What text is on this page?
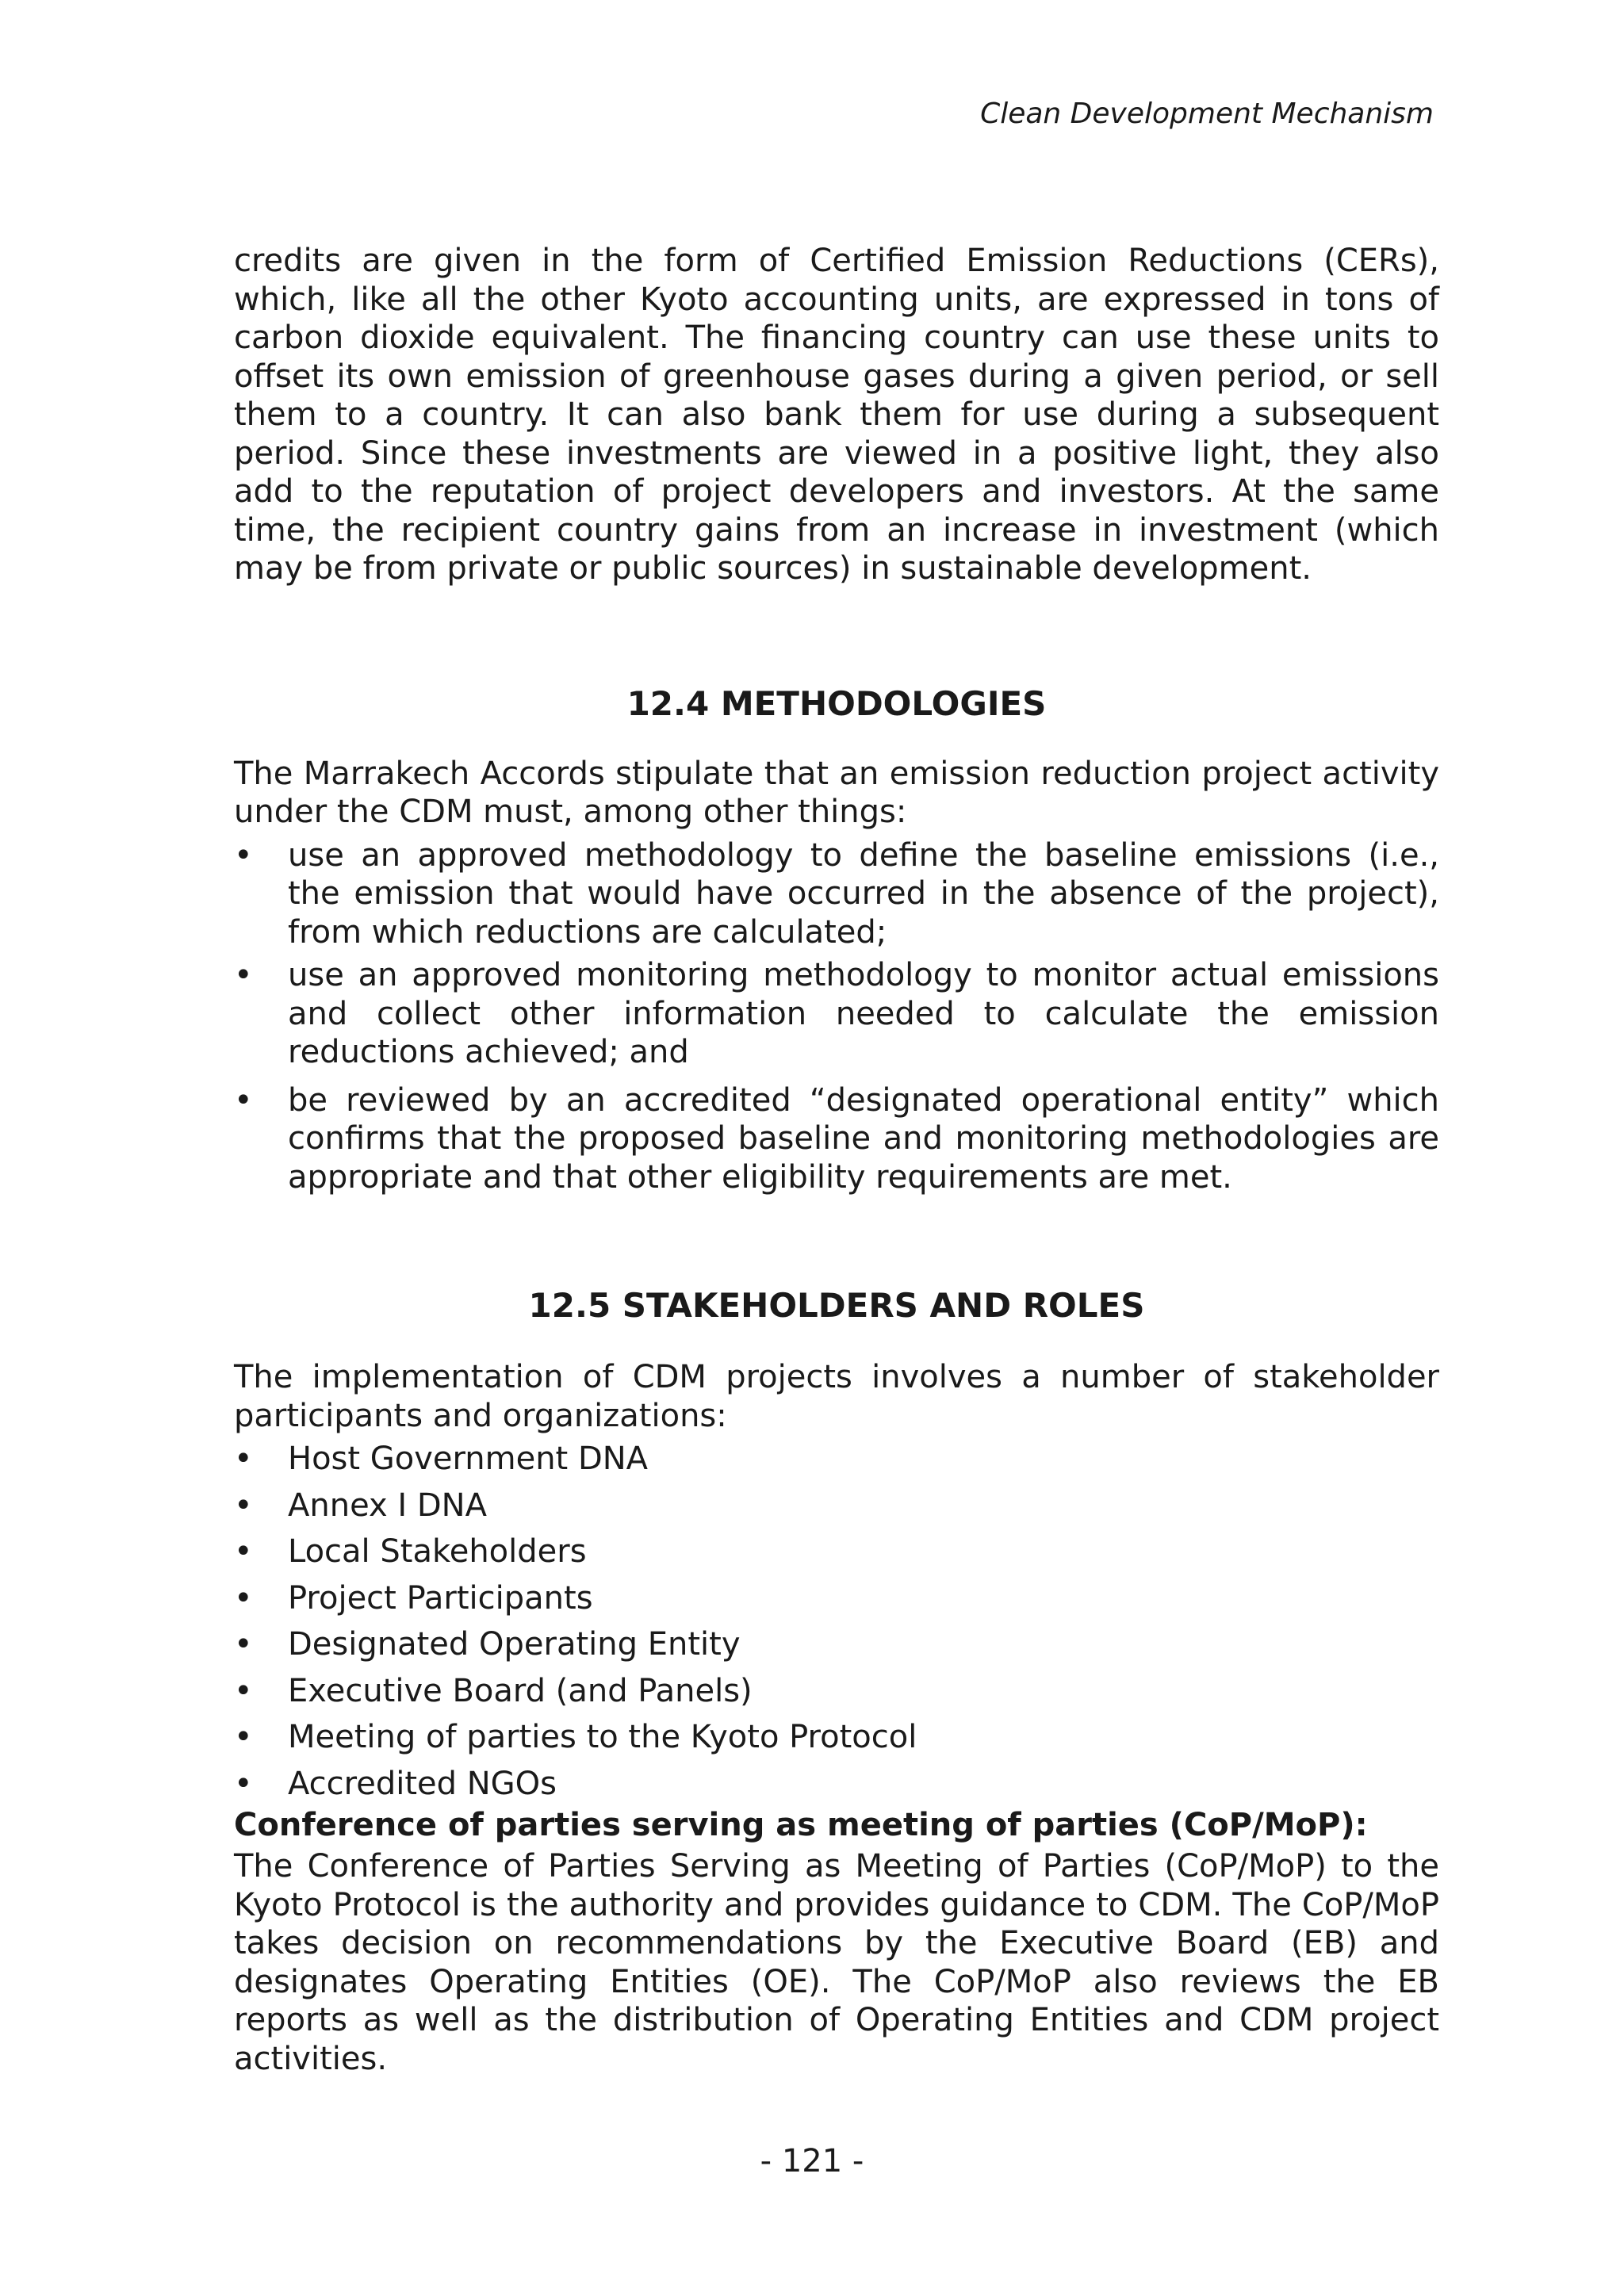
Clean Development Mechanism

credits are given in the form of Certified Emission Reductions (CERs), which, like all the other Kyoto accounting units, are expressed in tons of carbon dioxide equivalent. The financing country can use these units to offset its own emission of greenhouse gases during a given period, or sell them to a country. It can also bank them for use during a subsequent period. Since these investments are viewed in a positive light, they also add to the reputation of project developers and investors. At the same time, the recipient country gains from an increase in investment (which may be from private or public sources) in sustainable development.

12.4 METHODOLOGIES

The Marrakech Accords stipulate that an emission reduction project activity under the CDM must, among other things:

• use an approved methodology to define the baseline emissions (i.e., the emission that would have occurred in the absence of the project), from which reductions are calculated;
• use an approved monitoring methodology to monitor actual emissions and collect other information needed to calculate the emission reductions achieved; and
• be reviewed by an accredited “designated operational entity” which confirms that the proposed baseline and monitoring methodologies are appropriate and that other eligibility requirements are met.
12.5 STAKEHOLDERS AND ROLES

The implementation of CDM projects involves a number of stakeholder participants and organizations:

• Host Government DNA
• Annex I DNA
• Local Stakeholders
• Project Participants
• Designated Operating Entity
• Executive Board (and Panels)
• Meeting of parties to the Kyoto Protocol
• Accredited NGOs

Conference of parties serving as meeting of parties (CoP/MoP):

The Conference of Parties Serving as Meeting of Parties (CoP/MoP) to the Kyoto Protocol is the authority and provides guidance to CDM. The CoP/MoP takes decision on recommendations by the Executive Board (EB) and designates Operating Entities (OE). The CoP/MoP also reviews the EB reports as well as the distribution of Operating Entities and CDM project activities.

- 121 -
